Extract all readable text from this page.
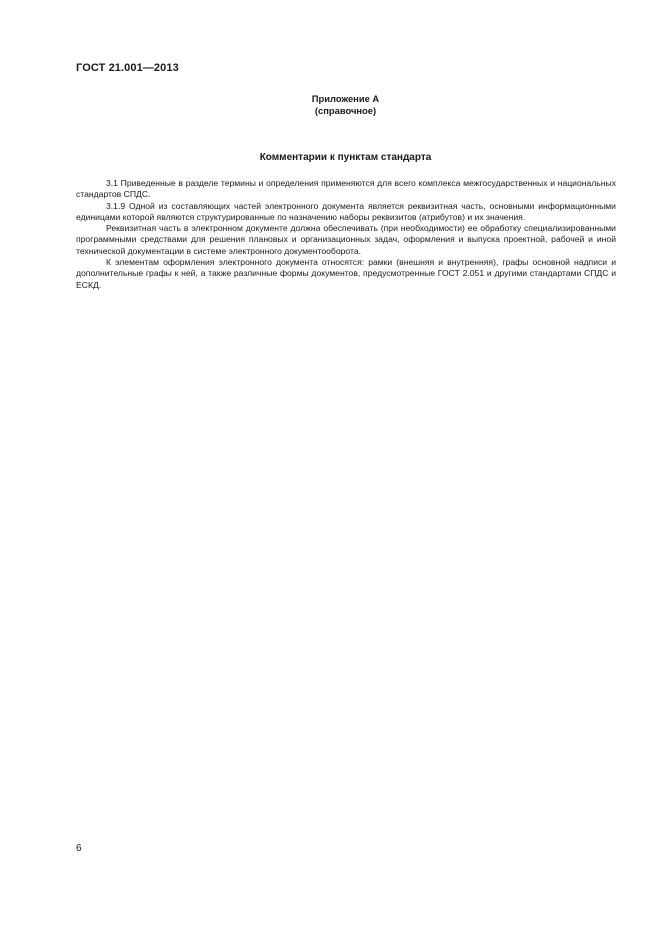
ГОСТ 21.001—2013
Приложение А
(справочное)
Комментарии к пунктам стандарта

3.1 Приведенные в разделе термины и определения применяются для всего комплекса межгосударственных и национальных стандартов СПДС.

3.1.9 Одной из составляющих частей электронного документа является реквизитная часть, основными информационными единицами которой являются структурированные по назначению наборы реквизитов (атрибутов) и их значения.

Реквизитная часть в электронном документе должна обеспечивать (при необходимости) ее обработку специализированными программными средствами для решения плановых и организационных задач, оформления и выпуска проектной, рабочей и иной технической документации в системе электронного документооборота.

К элементам оформления электронного документа относятся: рамки (внешняя и внутренняя), графы основной надписи и дополнительные графы к ней, а также различные формы документов, предусмотренные ГОСТ 2.051 и другими стандартами СПДС и ЕСКД.

6
